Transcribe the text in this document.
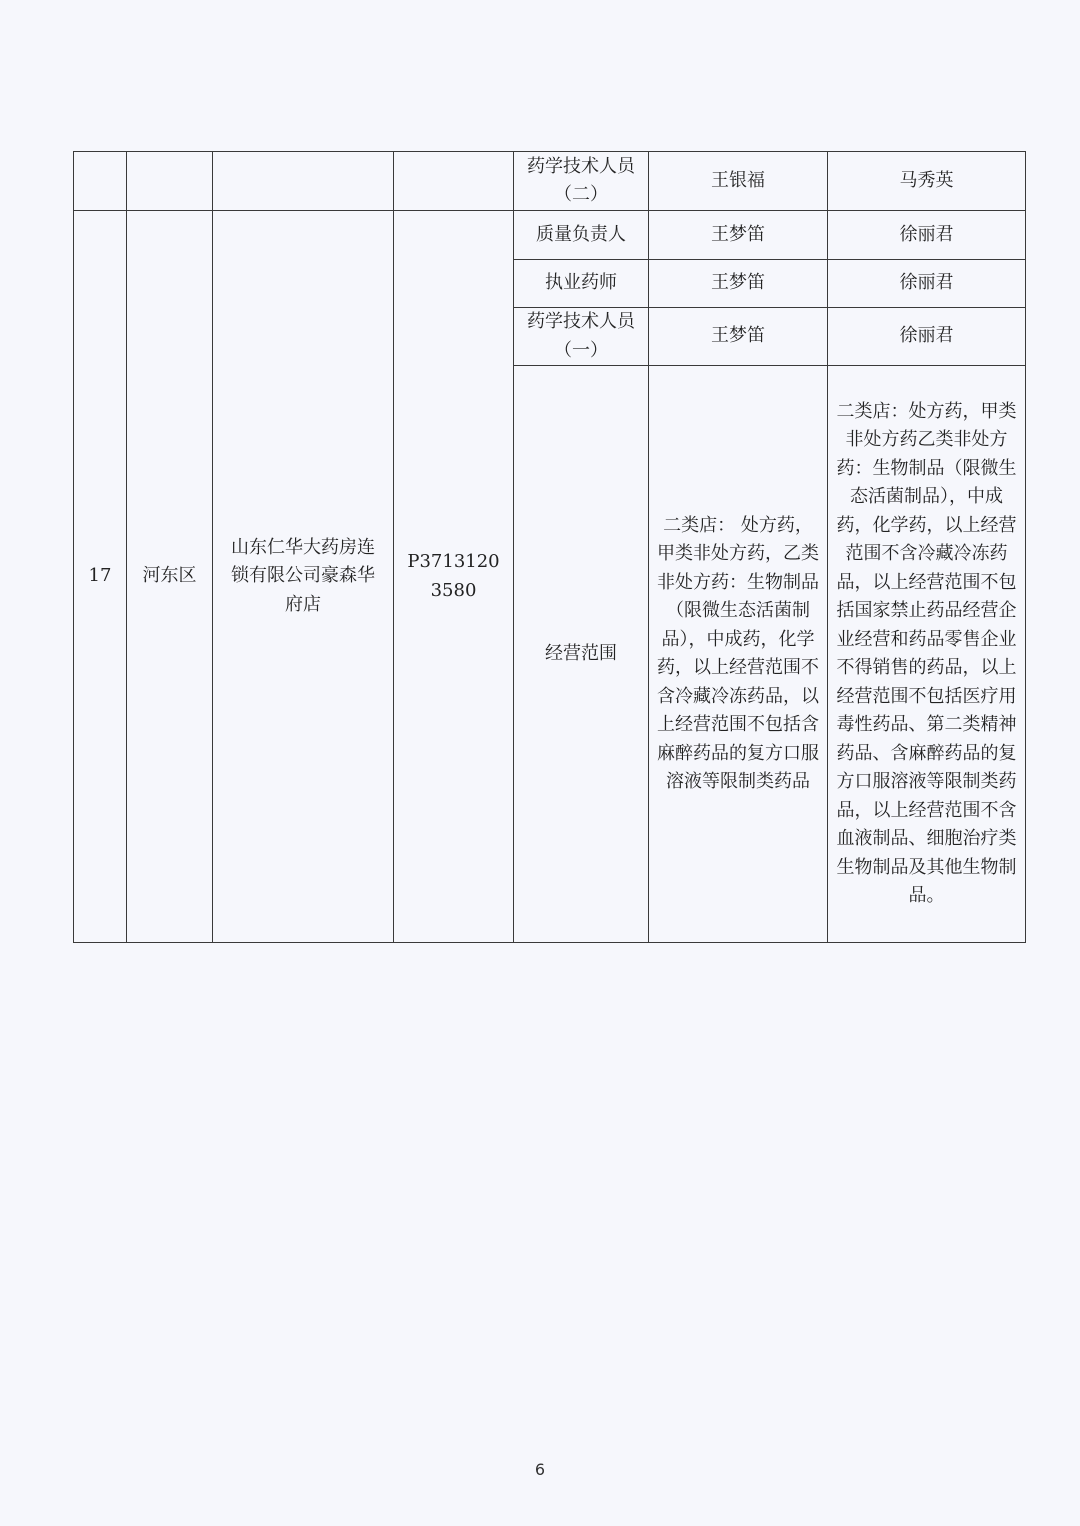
				药学技术人员（二）	王银福	马秀英
17	河东区	山东仁华大药房连锁有限公司豪森华府店	P37131203580	质量负责人	王梦笛	徐丽君
				执业药师	王梦笛	徐丽君
				药学技术人员（一）	王梦笛	徐丽君
				经营范围	二类店： 处方药，甲类非处方药，乙类非处方药：生物制品（限微生态活菌制品），中成药，化学药，以上经营范围不含冷藏冷冻药品，以上经营范围不包括含麻醉药品的复方口服溶液等限制类药品	二类店：处方药，甲类非处方药乙类非处方药：生物制品（限微生态活菌制品），中成药，化学药，以上经营范围不含冷藏冷冻药品，以上经营范围不包括国家禁止药品经营企业经营和药品零售企业不得销售的药品，以上经营范围不包括医疗用毒性药品、第二类精神药品、含麻醉药品的复方口服溶液等限制类药品，以上经营范围不含血液制品、细胞治疗类生物制品及其他生物制品。
6
